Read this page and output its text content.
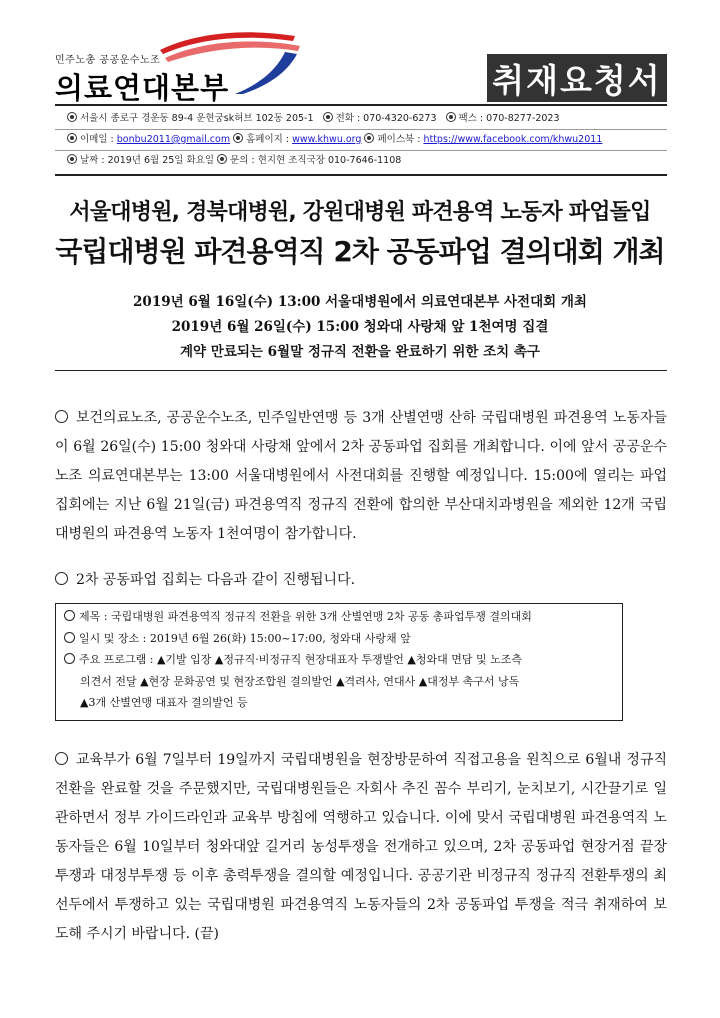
민주노총 공공운수노조
의료연대본부	취재요청서
서울시 종로구 경운동 89-4 운현궁sk허브 102동 205-1 전화 : 070-4320-6273 팩스 : 070-8277-2023
이메일 : bonbu2011@gmail.com 홈페이지 : www.khwu.org 페이스북 : https://www.facebook.com/khwu2011
날짜 : 2019년 6월 25일 화요일 문의 : 현지현 조직국장 010-7646-1108
서울대병원, 경북대병원, 강원대병원 파견용역 노동자 파업돌입
국립대병원 파견용역직 2차 공동파업 결의대회 개최
2019년 6월 16일(수) 13:00 서울대병원에서 의료연대본부 사전대회 개최
2019년 6월 26일(수) 15:00 청와대 사랑채 앞 1천여명 집결
계약 만료되는 6월말 정규직 전환을 완료하기 위한 조치 촉구
보건의료노조, 공공운수노조, 민주일반연맹 등 3개 산별연맹 산하 국립대병원 파견용역 노동자들이 6월 26일(수) 15:00 청와대 사랑채 앞에서 2차 공동파업 집회를 개최합니다. 이에 앞서 공공운수노조 의료연대본부는 13:00 서울대병원에서 사전대회를 진행할 예정입니다. 15:00에 열리는 파업집회에는 지난 6월 21일(금) 파견용역직 정규직 전환에 합의한 부산대치과병원을 제외한 12개 국립대병원의 파견용역 노동자 1천여명이 참가합니다.
2차 공동파업 집회는 다음과 같이 진행됩니다.
제목 : 국립대병원 파견용역직 정규직 전환을 위한 3개 산별연맹 2차 공동 총파업투쟁 결의대회
일시 및 장소 : 2019년 6월 26(화) 15:00~17:00, 청와대 사랑채 앞
주요 프로그램 : ▲기발 입장 ▲정규직·비정규직 현장대표자 투쟁발언 ▲청와대 면담 및 노조측
의견서 전달 ▲현장 문화공연 및 현장조합원 결의발언 ▲격려사, 연대사 ▲대정부 촉구서 낭독
▲3개 산별연맹 대표자 결의발언 등
교육부가 6월 7일부터 19일까지 국립대병원을 현장방문하여 직접고용을 원칙으로 6월내 정규직 전환을 완료할 것을 주문했지만, 국립대병원들은 자회사 추진 꼼수 부리기, 눈치보기, 시간끌기로 일관하면서 정부 가이드라인과 교육부 방침에 역행하고 있습니다. 이에 맞서 국립대병원 파견용역직 노동자들은 6월 10일부터 청와대앞 길거리 농성투쟁을 전개하고 있으며, 2차 공동파업 현장거점 끝장투쟁과 대정부투쟁 등 이후 총력투쟁을 결의할 예정입니다. 공공기관 비정규직 정규직 전환투쟁의 최선두에서 투쟁하고 있는 국립대병원 파견용역직 노동자들의 2차 공동파업 투쟁을 적극 취재하여 보도해 주시기 바랍니다. (끝)
